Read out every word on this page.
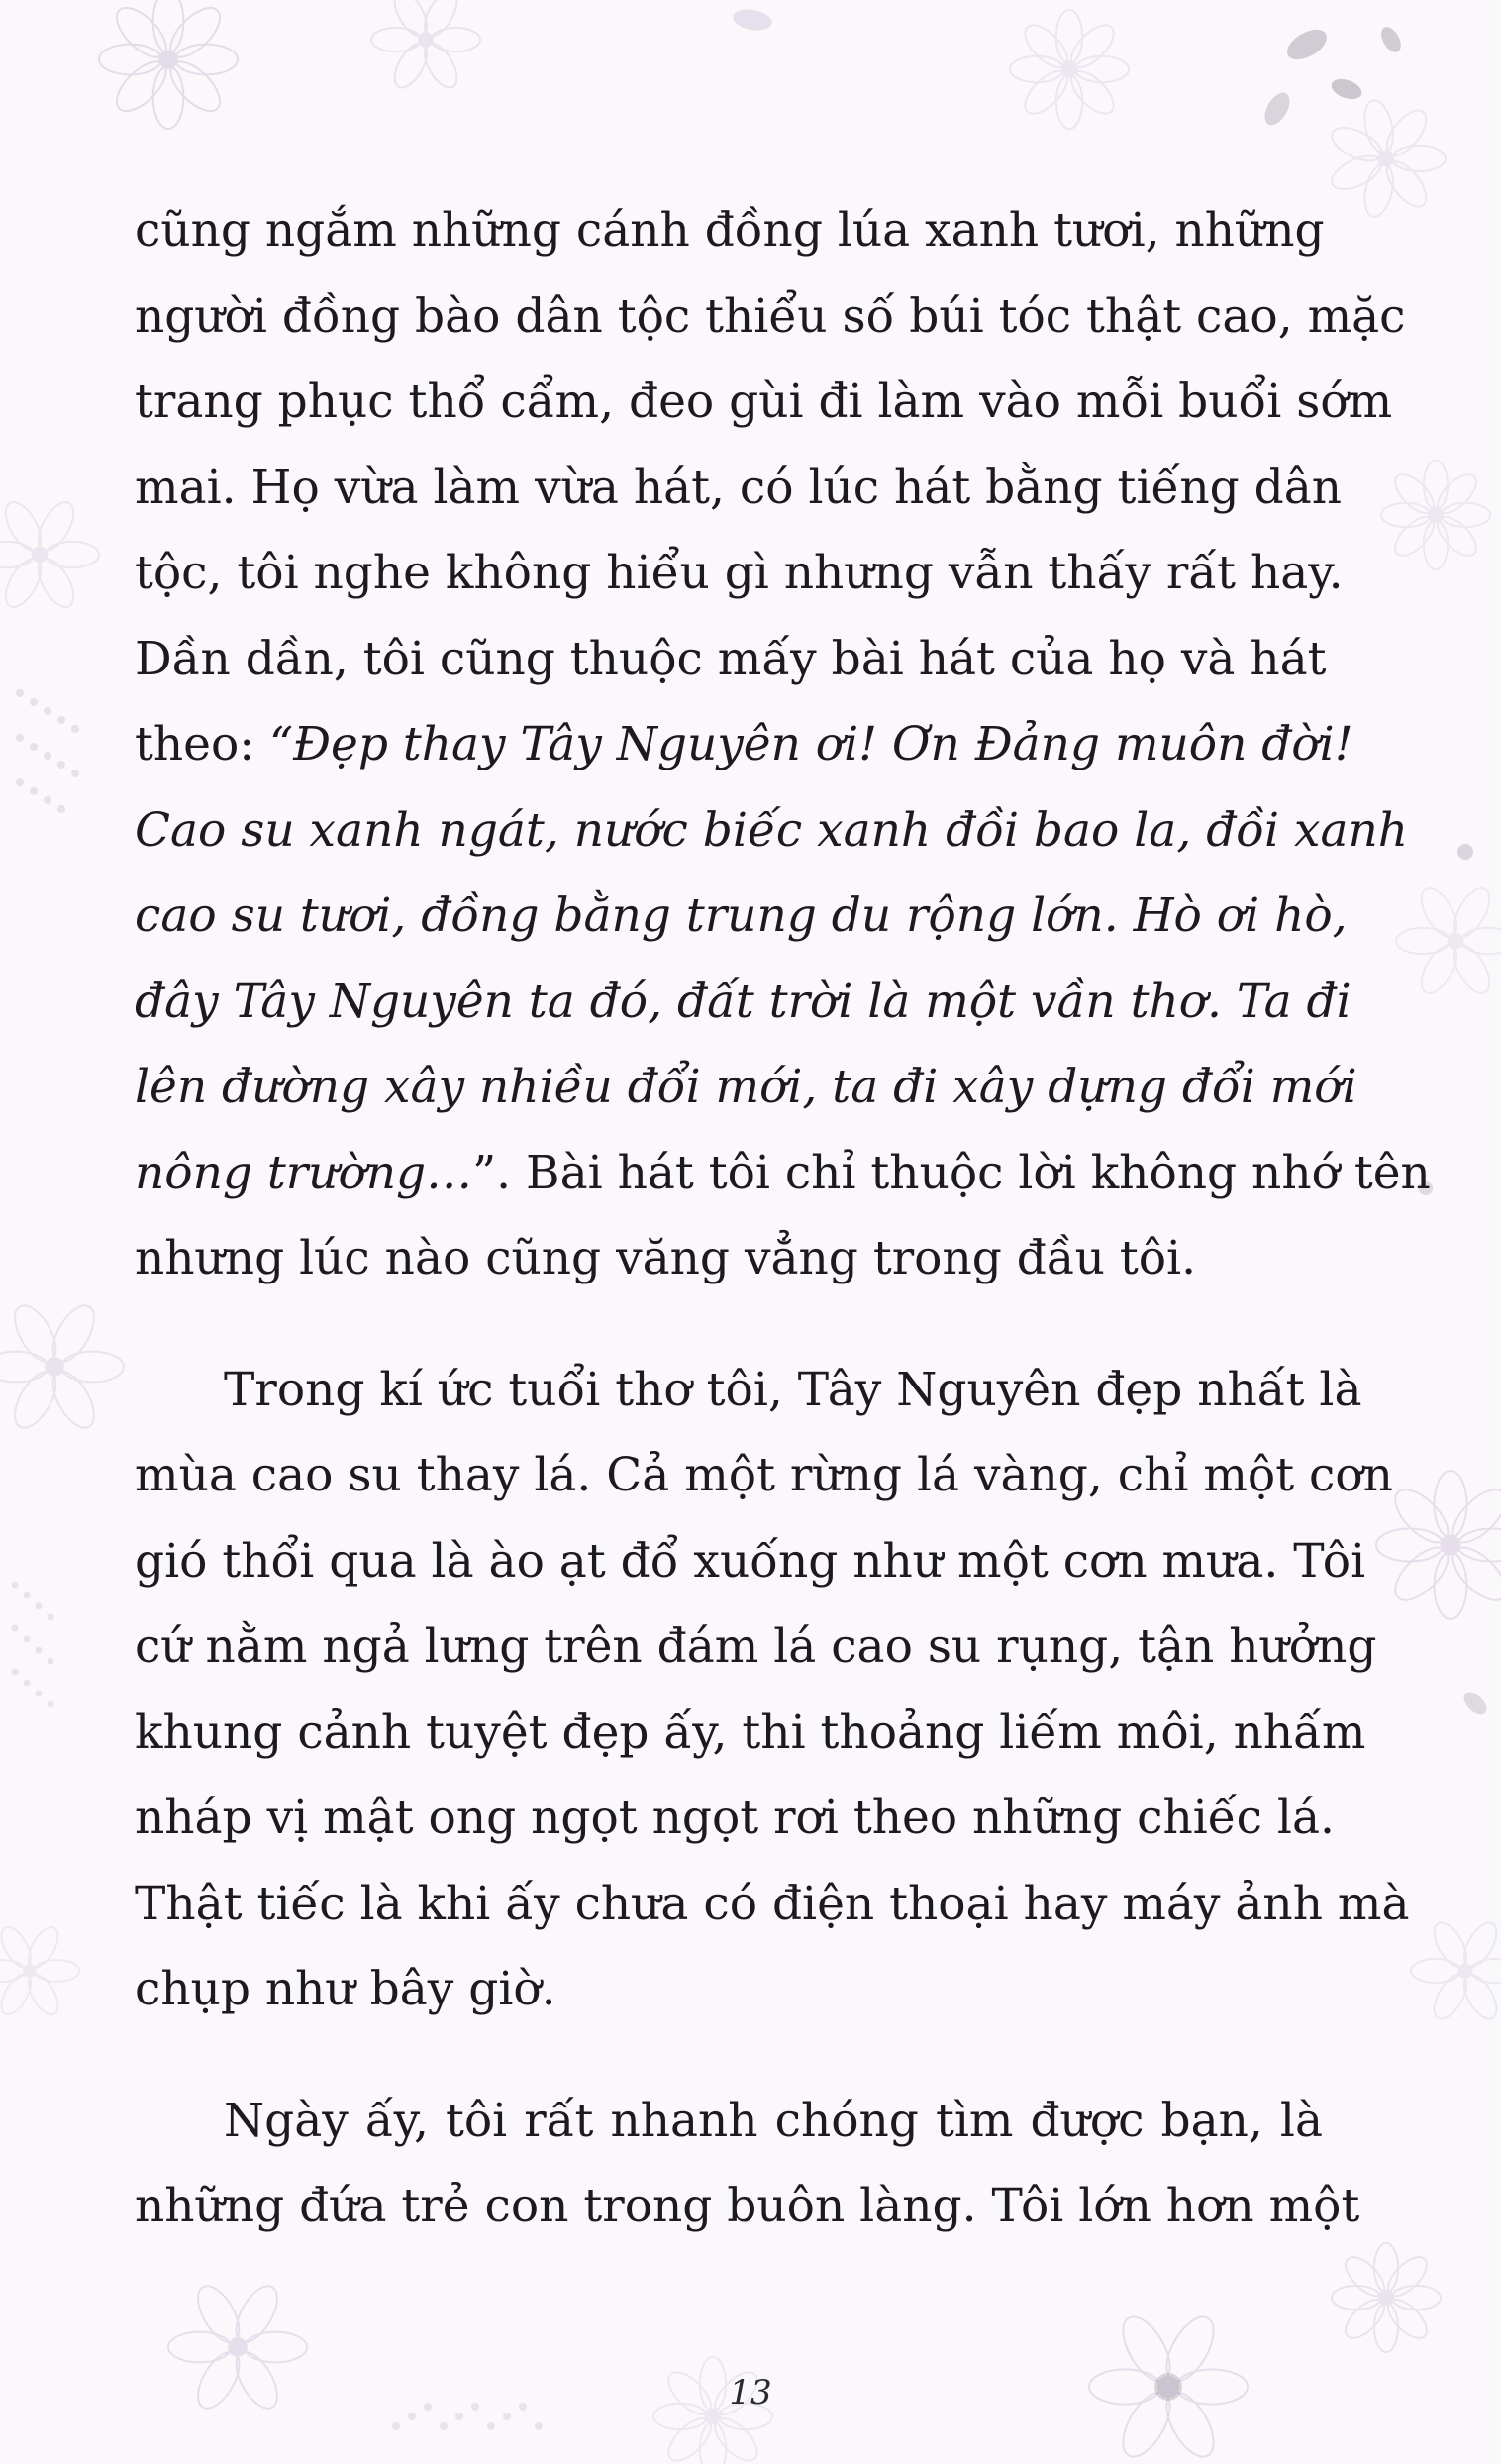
cũng ngắm những cánh đồng lúa xanh tươi, những
người đồng bào dân tộc thiểu số búi tóc thật cao, mặc
trang phục thổ cẩm, đeo gùi đi làm vào mỗi buổi sớm
mai. Họ vừa làm vừa hát, có lúc hát bằng tiếng dân
tộc, tôi nghe không hiểu gì nhưng vẫn thấy rất hay.
Dần dần, tôi cũng thuộc mấy bài hát của họ và hát
theo: “Đẹp thay Tây Nguyên ơi! Ơn Đảng muôn đời!
Cao su xanh ngát, nước biếc xanh đồi bao la, đồi xanh
cao su tươi, đồng bằng trung du rộng lớn. Hò ơi hò,
đây Tây Nguyên ta đó, đất trời là một vần thơ. Ta đi
lên đường xây nhiều đổi mới, ta đi xây dựng đổi mới
nông trường…”. Bài hát tôi chỉ thuộc lời không nhớ tên
nhưng lúc nào cũng văng vẳng trong đầu tôi.
Trong kí ức tuổi thơ tôi, Tây Nguyên đẹp nhất là
mùa cao su thay lá. Cả một rừng lá vàng, chỉ một cơn
gió thổi qua là ào ạt đổ xuống như một cơn mưa. Tôi
cứ nằm ngả lưng trên đám lá cao su rụng, tận hưởng
khung cảnh tuyệt đẹp ấy, thi thoảng liếm môi, nhấm
nháp vị mật ong ngọt ngọt rơi theo những chiếc lá.
Thật tiếc là khi ấy chưa có điện thoại hay máy ảnh mà
chụp như bây giờ.
Ngày ấy, tôi rất nhanh chóng tìm được bạn, là
những đứa trẻ con trong buôn làng. Tôi lớn hơn một
13
